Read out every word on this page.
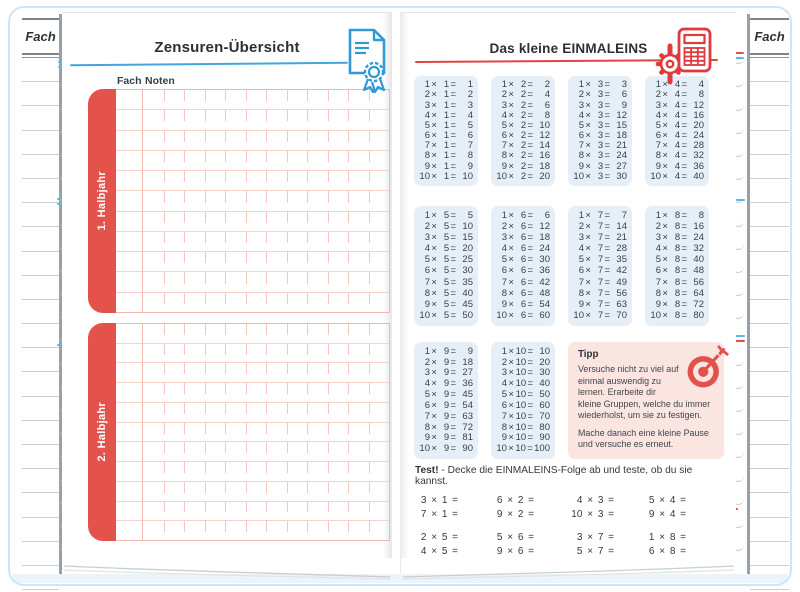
Fach	Fach
Zensuren-Übersicht
Fach Noten
1. Halbjahr
2. Halbjahr
Das kleine EINMALEINS
1 × 1 =	1
2 × 1 =	2
3 × 1 =	3
4 × 1 =	4
5 × 1 =	5
6 × 1 =	6
7 × 1 =	7
8 × 1 =	8
9 × 1 =	9
10 × 1 = 10
1 × 2 =	2
2 × 2 =	4
3 × 2 =	6
4 × 2 =	8
5 × 2 = 10
6 × 2 = 12
7 × 2 = 14
8 × 2 = 16
9 × 2 = 18
10 × 2 = 20
1 × 3 =	3
2 × 3 =	6
3 × 3 =	9
4 × 3 = 12
5 × 3 = 15
6 × 3 = 18
7 × 3 = 21
8 × 3 = 24
9 × 3 = 27
10 × 3 = 30
1 × 4 =	4
2 × 4 =	8
3 × 4 = 12
4 × 4 = 16
5 × 4 = 20
6 × 4 = 24
7 × 4 = 28
8 × 4 = 32
9 × 4 = 36
10 × 4 = 40
1 × 5 =	5
2 × 5 = 10
3 × 5 = 15
4 × 5 = 20
5 × 5 = 25
6 × 5 = 30
7 × 5 = 35
8 × 5 = 40
9 × 5 = 45
10 × 5 = 50
1 × 6 =	6
2 × 6 = 12
3 × 6 = 18
4 × 6 = 24
5 × 6 = 30
6 × 6 = 36
7 × 6 = 42
8 × 6 = 48
9 × 6 = 54
10 × 6 = 60
1 × 7 =	7
2 × 7 = 14
3 × 7 = 21
4 × 7 = 28
5 × 7 = 35
6 × 7 = 42
7 × 7 = 49
8 × 7 = 56
9 × 7 = 63
10 × 7 = 70
1 × 8 =	8
2 × 8 = 16
3 × 8 = 24
4 × 8 = 32
5 × 8 = 40
6 × 8 = 48
7 × 8 = 56
8 × 8 = 64
9 × 8 = 72
10 × 8 = 80
1 × 9 =	9
2 × 9 = 18
3 × 9 = 27
4 × 9 = 36
5 × 9 = 45
6 × 9 = 54
7 × 9 = 63
8 × 9 = 72
9 × 9 = 81
10 × 9 = 90
1 × 10 = 10
2 × 10 = 20
3 × 10 = 30
4 × 10 = 40
5 × 10 = 50
6 × 10 = 60
7 × 10 = 70
8 × 10 = 80
9 × 10 = 90
10 × 10 = 100
Tipp

Versuche nicht zu viel auf einmal auswendig zu lernen. Erarbeite dir kleine Gruppen, welche du immer wiederholst, um sie zu festigen.

Mache danach eine kleine Pause und versuche es erneut.

Test! - Decke die EINMALEINS-Folge ab und teste, ob du sie kannst.
3 × 1 =	6 × 2 =	4 × 3 =	5 × 4 =
7 × 1 =	9 × 2 =	10 × 3 =	9 × 4 =
2 × 5 =	5 × 6 =	3 × 7 =	1 × 8 =
4 × 5 =	9 × 6 =	5 × 7 =	6 × 8 =
